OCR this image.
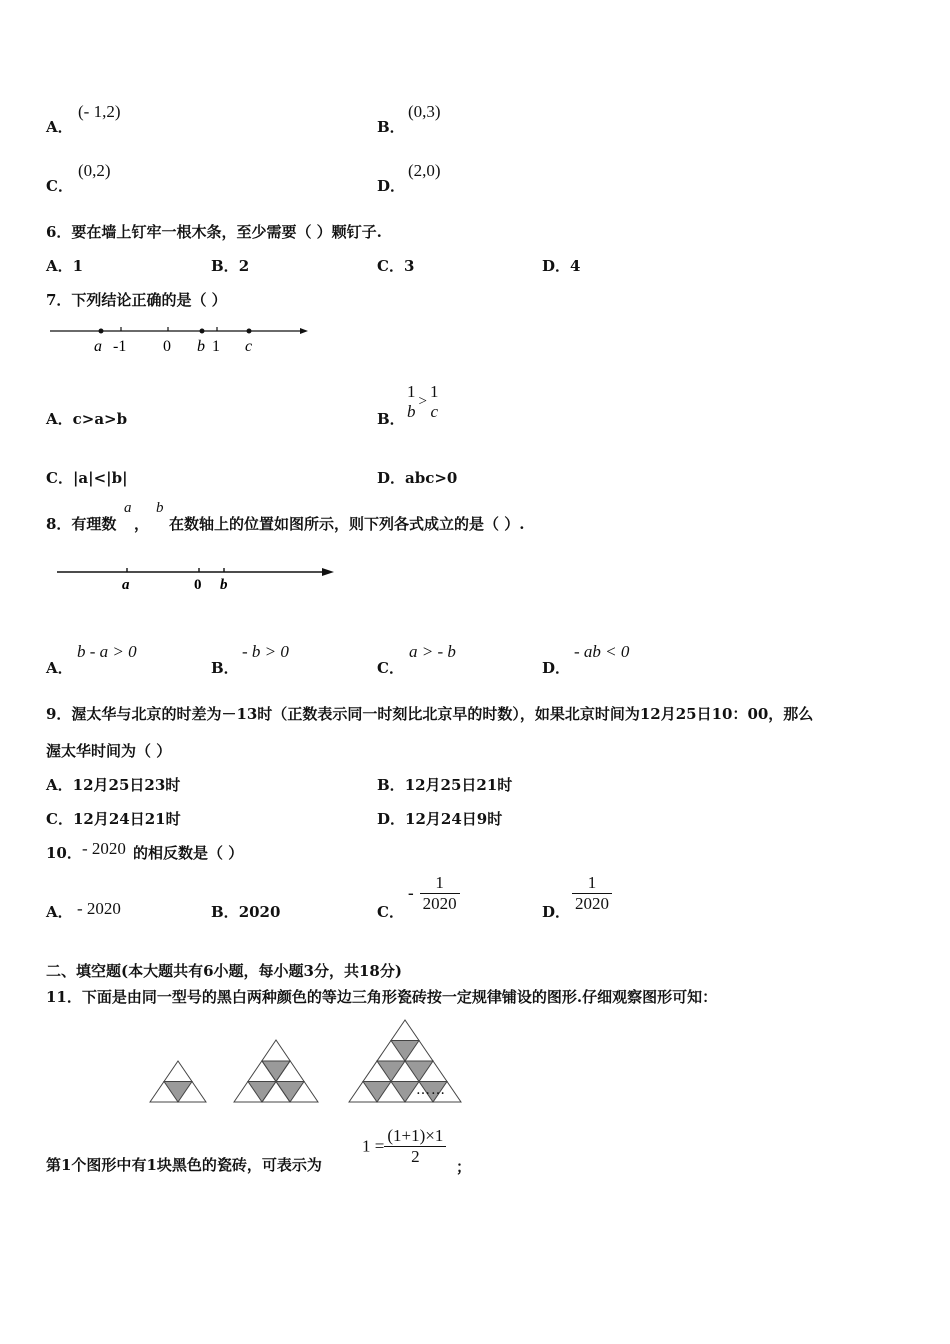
A．
(- 1,2)
B．
(0,3)
C．
(0,2)
D．
(2,0)
6．要在墙上钉牢一根木条，至少需要（ ）颗钉子.
A．1	B．2	C．3	D．4
7．下列结论正确的是（ ）
a -1 0 b 1 c
A．c>a>b	B．
1
b
>
1
c
C．|a|<|b|	D．abc>0
8．有理数
a
，
b
在数轴上的位置如图所示，则下列各式成立的是（ ）.
a	0 b
A．
b - a > 0
B．
- b > 0
C．
a > - b
D．
- ab < 0
9．渥太华与北京的时差为－13时（正数表示同一时刻比北京早的时数），如果北京时间为12月25日10：00，那么
渥太华时间为（ ）
A．12月25日23时	B．12月25日21时
C．12月24日21时	D．12月24日9时
10． - 2020 的相反数是（ ）
A． - 2020	B．2020	C．
- $\frac{1}{2020}$	D． $\frac{1}{2020}$
二、填空题(本大题共有6小题，每小题3分，共18分)
11．下面是由同一型号的黑白两种颜色的等边三角形瓷砖按一定规律铺设的图形.仔细观察图形可知：
……
第1个图形中有1块黑色的瓷砖，可表示为
$1 = \frac{(1+1)\times 1}{2}$ ；
